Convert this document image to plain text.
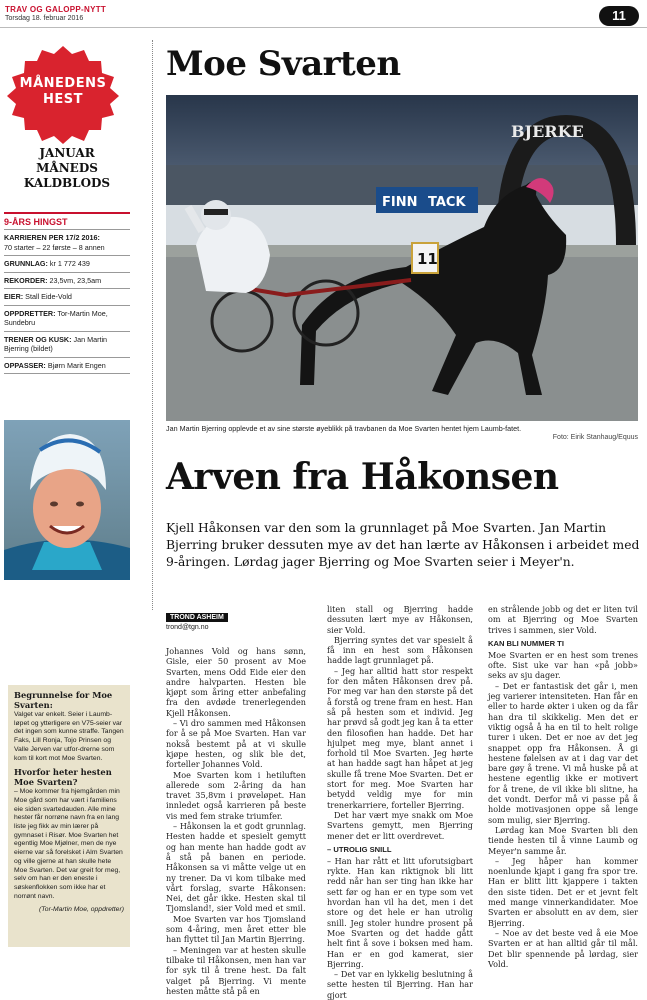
TRAV OG GALOPP-NYTT
Torsdag 18. februar 2016	11
MÅNEDENS
HEST
JANUAR
MÅNEDS
KALDBLODS
9-ÅRS HINGST
KARRIEREN PER 17/2 2016:
70 starter – 22 første – 8 annen
GRUNNLAG: kr 1 772 439
REKORDER: 23,5vm, 23,5am
EIER: Stall Eide-Vold
OPPDRETTER: Tor-Martin Moe, Sundebru
TRENER OG KUSK: Jan Martin Bjerring (bildet)
OPPASSER: Bjørn Marit Engen
Begrunnelse for Moe Svarten:

Valget var enkelt. Seier i Laumb-løpet og ytterligere en V75-seier var det ingen som kunne straffe. Tangen Faks, Lill Ronja, Tojo Prinsen og Valle Jerven var utfor-drerne som kom til kort mot Moe Svarten.

Hvorfor heter hesten Moe Svarten?

– Moe kommer fra hjemgården min Moe gård som har vært i familiens eie siden svartedauden. Alle mine hester får norrøne navn fra en lang liste jeg fikk av min lærer på gymnaset i Risør. Moe Svarten het egentlig Moe Mjølner, men de nye eierne var så forelsket i Alm Svarten og ville gjerne at han skulle hete Moe Svarten. Det var greit for meg, selv om han er den eneste i søskenflokken som ikke har et norrønt navn.

(Tor-Martin Moe, oppdretter)
Moe Svarten
FINN TACK
BJERKE
11
Jan Martin Bjerring opplevde et av sine største øyeblikk på travbanen da Moe Svarten hentet hjem Laumb-fatet.
Foto: Eirik Stanhaug/Equus
Arven fra Håkonsen

Kjell Håkonsen var den som la grunnlaget på Moe Svarten. Jan Martin Bjerring bruker dessuten mye av det han lærte av Håkonsen i arbeidet med 9-åringen. Lørdag jager Bjerring og Moe Svarten seier i Meyer'n.

TROND ASHEIM
trond@tgn.no

Johannes Vold og hans sønn, Gisle, eier 50 prosent av Moe Svarten, mens Odd Eide eier den andre halvparten. Hesten ble kjøpt som åring etter anbefaling fra den avdøde trenerlegenden Kjell Håkonsen.

– Vi dro sammen med Håkonsen for å se på Moe Svarten. Han var nokså bestemt på at vi skulle kjøpe hesten, og slik ble det, forteller Johannes Vold.

Moe Svarten kom i hetiluften allerede som 2-åring da han travet 35,8vm i prøveløpet. Han innledet også karrieren på beste vis med fem strake triumfer.

– Håkonsen la et godt grunnlag. Hesten hadde et spesielt gemytt og han mente han hadde godt av å stå på banen en periode. Håkonsen sa vi måtte velge ut en ny trener. Da vi kom tilbake med vårt forslag, svarte Håkonsen: Nei, det går ikke. Hesten skal til Tjomsland!, sier Vold med et smil.

Moe Svarten var hos Tjomsland som 4-åring, men året etter ble han flyttet til Jan Martin Bjerring.

– Meningen var at hesten skulle tilbake til Håkonsen, men han var for syk til å trene hest. Da falt valget på Bjerring. Vi mente hesten måtte stå på en

liten stall og Bjerring hadde dessuten lært mye av Håkonsen, sier Vold.

Bjerring syntes det var spesielt å få inn en hest som Håkonsen hadde lagt grunnlaget på.

– Jeg har alltid hatt stor respekt for den måten Håkonsen drev på. For meg var han den største på det å forstå og trene fram en hest. Han så på hesten som et individ. Jeg har prøvd så godt jeg kan å ta etter den filosofien han hadde. Det har hjulpet meg mye, blant annet i forhold til Moe Svarten. Jeg hørte at han hadde sagt han håpet at jeg skulle få trene Moe Svarten. Det er stort for meg. Moe Svarten har betydd veldig mye for min trenerkarriere, forteller Bjerring.

Det har vært mye snakk om Moe Svartens gemytt, men Bjerring mener det er litt overdrevet.

– UTROLIG SNILL

– Han har rått et litt uforutsigbart rykte. Han kan riktignok bli litt redd når han ser ting han ikke har sett før og han er en type som vet hvordan han vil ha det, men i det store og det hele er han utrolig snill. Jeg stoler hundre prosent på Moe Svarten og det hadde gått helt fint å sove i boksen med ham. Han er en god kamerat, sier Bjerring.

– Det var en lykkelig beslutning å sette hesten til Bjerring. Han har gjort

en strålende jobb og det er liten tvil om at Bjerring og Moe Svarten trives i sammen, sier Vold.

KAN BLI NUMMER TI

Moe Svarten er en hest som trenes ofte. Sist uke var han «på jobb» seks av sju dager.

– Det er fantastisk det går i, men jeg varierer intensiteten. Han får en eller to harde økter i uken og da får han dra til skikkelig. Men det er viktig også å ha en til to helt rolige turer i uken. Det er noe av det jeg snappet opp fra Håkonsen. Å gi hestene følelsen av at i dag var det bare gøy å trene. Vi må huske på at hestene egentlig ikke er motivert for å trene, de vil ikke bli slitne, ha det vondt. Derfor må vi passe på å holde motivasjonen oppe så lenge som mulig, sier Bjerring.

Lørdag kan Moe Svarten bli den tiende hesten til å vinne Laumb og Meyer'n samme år.

– Jeg håper han kommer noenlunde kjapt i gang fra spor tre. Han er blitt litt kjappere i takten den siste tiden. Det er et jevnt felt med mange vinnerkandidater. Moe Svarten er absolutt en av dem, sier Bjerring.

– Noe av det beste ved å eie Moe Svarten er at han alltid går til mål. Det blir spennende på lørdag, sier Vold.
